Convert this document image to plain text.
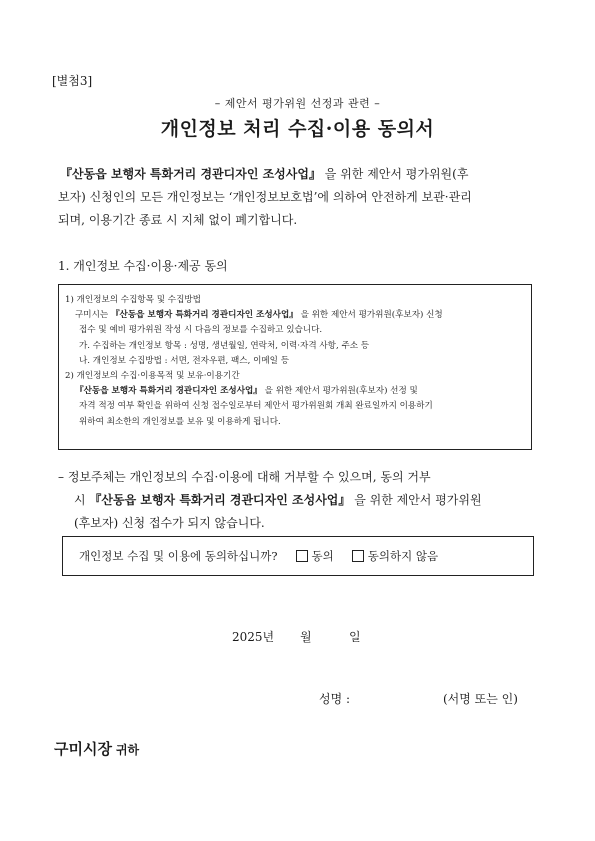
[별첨3]
– 제안서 평가위원 선정과 관련 –
개인정보 처리 수집·이용 동의서
『산동읍 보행자 특화거리 경관디자인 조성사업』 을 위한 제안서 평가위원(후
보자) 신청인의 모든 개인정보는 ‘개인정보보호법’에 의하여 안전하게 보관·관리
되며, 이용기간 종료 시 지체 없이 폐기합니다.
1. 개인정보 수집·이용·제공 동의
1) 개인정보의 수집항목 및 수집방법
구미시는 『산동읍 보행자 특화거리 경관디자인 조성사업』 을 위한 제안서 평가위원(후보자) 신청
접수 및 예비 평가위원 작성 시 다음의 정보를 수집하고 있습니다.
가. 수집하는 개인정보 항목 : 성명, 생년월일, 연락처, 이력·자격 사항, 주소 등
나. 개인정보 수집방법 : 서면, 전자우편, 팩스, 이메일 등
2) 개인정보의 수집·이용목적 및 보유·이용기간
『산동읍 보행자 특화거리 경관디자인 조성사업』 을 위한 제안서 평가위원(후보자) 선정 및
자격 적정 여부 확인을 위하여 신청 접수일로부터 제안서 평가위원회 개최 완료일까지 이용하기
위하여 최소한의 개인정보를 보유 및 이용하게 됩니다.
– 정보주체는 개인정보의 수집·이용에 대해 거부할 수 있으며, 동의 거부
시 『산동읍 보행자 특화거리 경관디자인 조성사업』 을 위한 제안서 평가위원
(후보자) 신청 접수가 되지 않습니다.
개인정보 수집 및 이용에 동의하십니까?	동의	동의하지 않음
2025년 월	일
성명 :	(서명 또는 인)
구미시장 귀하
